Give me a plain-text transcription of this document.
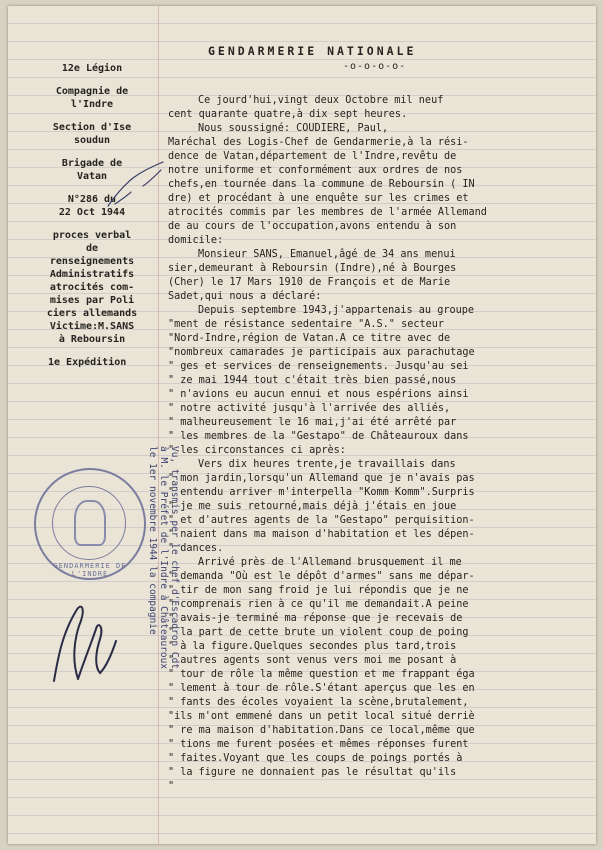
GENDARMERIE NATIONALE
-o-o-o-o-
12e Légion
Compagnie de
l'Indre
Section d'Ise
soudun
Brigade de
Vatan
N°286 du
22 Oct 1944
proces verbal
de
renseignements
Administratifs
atrocités com-
mises par Poli
ciers allemands
Victime:M.SANS
à Reboursin
1e Expédition
Ce jourd'hui,vingt deux Octobre mil neuf
cent quarante quatre,à dix sept heures.
Nous soussigné: COUDIERE, Paul,
Maréchal des Logis-Chef de Gendarmerie,à la rési-
dence de Vatan,département de l'Indre,revêtu de
notre uniforme et conformément aux ordres de nos
chefs,en tournée dans la commune de Reboursin ( IN
dre) et procédant à une enquête sur les crimes et
atrocités commis par les membres de l'armée Allemand
de au cours de l'occupation,avons entendu à son
domicile:
Monsieur SANS, Emanuel,âgé de 34 ans menui
sier,demeurant à Reboursin (Indre),né à Bourges
(Cher) le 17 Mars 1910 de François et de Marie
Sadet,qui nous a déclaré:
Depuis septembre 1943,j'appartenais au groupe
"ment de résistance sedentaire "A.S." secteur
"Nord-Indre,région de Vatan.A ce titre avec de
"nombreux camarades je participais aux parachutage
" ges et services de renseignements. Jusqu'au sei
" ze mai 1944 tout c'était très bien passé,nous
" n'avions eu aucun ennui et nous espérions ainsi
" notre activité jusqu'à l'arrivée des alliés,
" malheureusement le 16 mai,j'ai été arrêté par
" les membres de la "Gestapo" de Châteauroux dans
" les circonstances ci après:
Vers dix heures trente,je travaillais dans
" mon jardin,lorsqu'un Allemand que je n'avais pas
" entendu arriver m'interpella "Komm Komm".Surpris
" je me suis retourné,mais déjà j'étais en joue
" et d'autres agents de la "Gestapo" perquisition-
" naient dans ma maison d'habitation et les dépen-
" dances.
Arrivé près de l'Allemand brusquement il me
" demanda "Où est le dépôt d'armes" sans me dépar-
" tir de mon sang froid je lui répondis que je ne
" comprenais rien à ce qu'il me demandait.A peine
" avais-je terminé ma réponse que je recevais de
" la part de cette brute un violent coup de poing
" à la figure.Quelques secondes plus tard,trois
" autres agents sont venus vers moi me posant à
" tour de rôle la même question et me frappant éga
" lement à tour de rôle.S'étant aperçus que les en
" fants des écoles voyaient la scène,brutalement,
"ils m'ont emmené dans un petit local situé derriè
" re ma maison d'habitation.Dans ce local,même que
" tions me furent posées et mêmes réponses furent
" faites.Voyant que les coups de poings portés à
" la figure ne donnaient pas le résultat qu'ils
"
GENDARMERIE DE L'INDRE	Vu, transmis per le chef d'Escadron Cdt
à M. le Préfet de l'Indre à Châteauroux
le 1er novembre 1944 la compagnie
